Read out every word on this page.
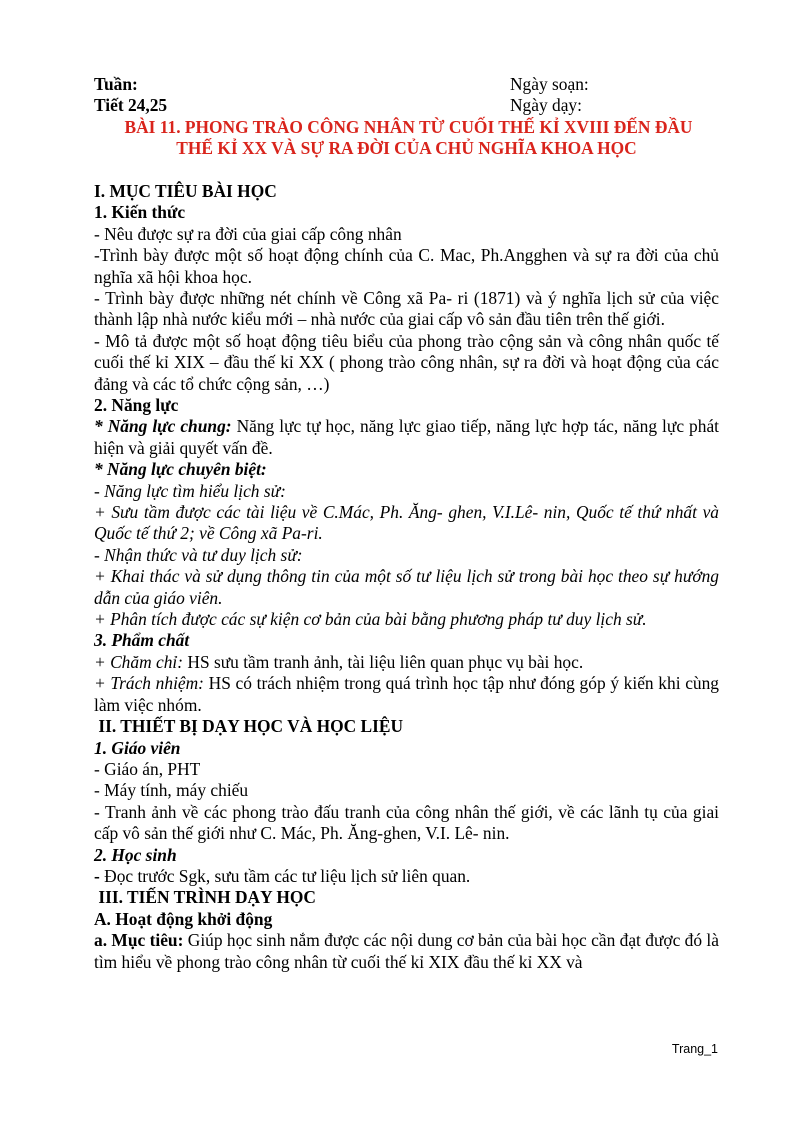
Tuần:	Ngày soạn:
Tiết 24,25	Ngày dạy:
BÀI 11. PHONG TRÀO CÔNG NHÂN TỪ CUỐI THẾ KỈ XVIII ĐẾN ĐẦU
THẾ KỈ XX VÀ SỰ RA ĐỜI CỦA CHỦ NGHĨA KHOA HỌC

I. MỤC TIÊU BÀI HỌC

1. Kiến thức

- Nêu được sự ra đời của giai cấp công nhân

-Trình bày được một số hoạt động chính của C. Mac, Ph.Angghen và sự ra đời của chủ nghĩa xã hội khoa học.

- Trình bày được những nét chính về Công xã Pa- ri (1871) và ý nghĩa lịch sử của việc thành lập nhà nước kiểu mới – nhà nước của giai cấp vô sản đầu tiên trên thế giới.

- Mô tả được một số hoạt động tiêu biểu của phong trào cộng sản và công nhân quốc tế cuối thế kỉ XIX – đầu thế kỉ XX ( phong trào công nhân, sự ra đời và hoạt động của các đảng và các tổ chức cộng sản, …)

2. Năng lực

* Năng lực chung: Năng lực tự học, năng lực giao tiếp, năng lực hợp tác, năng lực phát hiện và giải quyết vấn đề.

* Năng lực chuyên biệt:

- Năng lực tìm hiểu lịch sử:

+ Sưu tầm được các tài liệu về C.Mác, Ph. Ăng- ghen, V.I.Lê- nin, Quốc tế thứ nhất và Quốc tế thứ 2; về Công xã Pa-ri.

- Nhận thức và tư duy lịch sử:

+ Khai thác và sử dụng thông tin của một số tư liệu lịch sử trong bài học theo sự hướng dẫn của giáo viên.

+ Phân tích được các sự kiện cơ bản của bài bằng phương pháp tư duy lịch sử.

3. Phẩm chất

+ Chăm chỉ: HS sưu tầm tranh ảnh, tài liệu liên quan phục vụ bài học.

+ Trách nhiệm: HS có trách nhiệm trong quá trình học tập như đóng góp ý kiến khi cùng làm việc nhóm.

II. THIẾT BỊ DẠY HỌC VÀ HỌC LIỆU

1. Giáo viên

- Giáo án, PHT

- Máy tính, máy chiếu

- Tranh ảnh về các phong trào đấu tranh của công nhân thế giới, về các lãnh tụ của giai cấp vô sản thế giới như C. Mác, Ph. Ăng-ghen, V.I. Lê- nin.

2. Học sinh

- Đọc trước Sgk, sưu tầm các tư liệu lịch sử liên quan.

III. TIẾN TRÌNH DẠY HỌC

A. Hoạt động khởi động

a. Mục tiêu: Giúp học sinh nắm được các nội dung cơ bản của bài học cần đạt được đó là tìm hiểu về phong trào công nhân từ cuối thế kỉ XIX đầu thế kỉ XX và

Trang_1
